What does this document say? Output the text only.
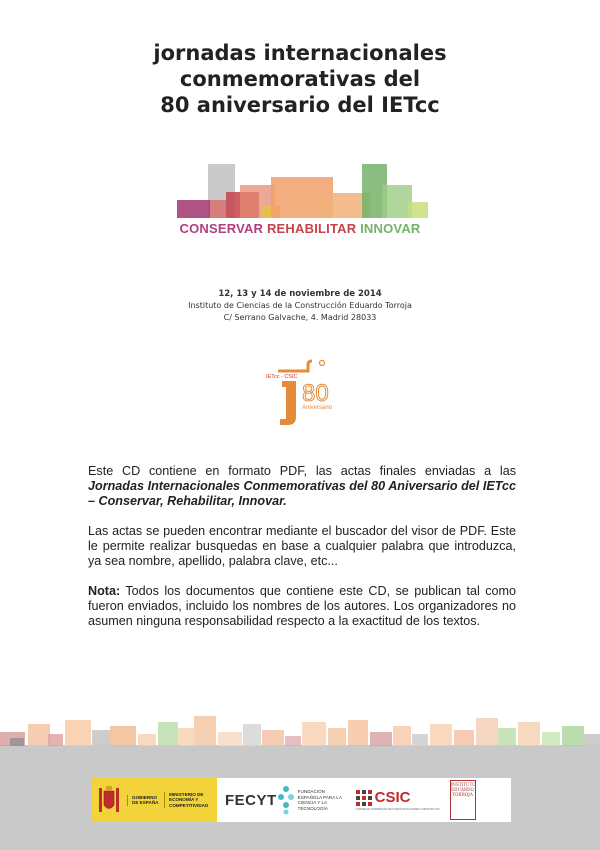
jornadas internacionales
conmemorativas del
80 aniversario del IETcc
CONSERVAR REHABILITAR INNOVAR
12, 13 y 14 de noviembre de 2014
Instituto de Ciencias de la Construcción Eduardo Torroja
C/ Serrano Galvache, 4. Madrid 28033
IETcc - CSIC
80
Aniversario

Este CD contiene en formato PDF, las actas finales enviadas a las Jornadas Internacionales Conmemorativas del 80 Aniversario del IETcc – Conservar, Rehabilitar, Innovar.

Las actas se pueden encontrar mediante el buscador del visor de PDF. Este le permite realizar busquedas en base a cualquier palabra que introduzca, ya sea nombre, apellido, palabra clave, etc...

Nota: Todos los documentos que contiene este CD, se publican tal como fueron enviados, incluido los nombres de los autores. Los organizadores no asumen ninguna responsabilidad respecto a la exactitud de los textos.

GOBIERNO DE ESPAÑA
MINISTERIO DE ECONOMÍA Y COMPETITIVIDAD	FECYT	FUNDACIÓN ESPAÑOLA PARA LA CIENCIA Y LA TECNOLOGÍA
CSIC
CONSEJO SUPERIOR DE INVESTIGACIONES CIENTÍFICAS
INSTITUTO EDUARDO TORROJA
